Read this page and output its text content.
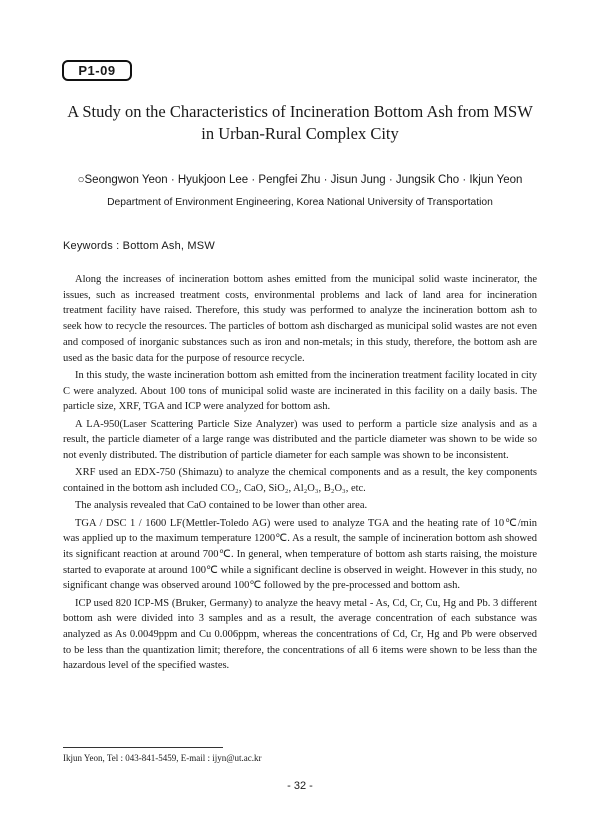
P1-09
A Study on the Characteristics of Incineration Bottom Ash from MSW in Urban-Rural Complex City
○Seongwon Yeon · Hyukjoon Lee · Pengfei Zhu · Jisun Jung · Jungsik Cho · Ikjun Yeon
Department of Environment Engineering, Korea National University of Transportation
Keywords : Bottom Ash, MSW

Along the increases of incineration bottom ashes emitted from the municipal solid waste incinerator, the issues, such as increased treatment costs, environmental problems and lack of land area for incineration treatment facility have raised. Therefore, this study was performed to analyze the incineration bottom ash to seek how to recycle the resources. The particles of bottom ash discharged as municipal solid wastes are not even and composed of inorganic substances such as iron and non-metals; in this study, therefore, the bottom ash are used as the basic data for the purpose of resource recycle.

In this study, the waste incineration bottom ash emitted from the incineration treatment facility located in city C were analyzed. About 100 tons of municipal solid waste are incinerated in this facility on a daily basis. The particle size, XRF, TGA and ICP were analyzed for bottom ash.

A LA-950(Laser Scattering Particle Size Analyzer) was used to perform a particle size analysis and as a result, the particle diameter of a large range was distributed and the particle diameter was shown to be wide so not evenly distributed. The distribution of particle diameter for each sample was shown to be inconsistent.

XRF used an EDX-750 (Shimazu) to analyze the chemical components and as a result, the key components contained in the bottom ash included CO₂, CaO, SiO₂, Al₂O₃, B₂O₃, etc.

The analysis revealed that CaO contained to be lower than other area.

TGA / DSC 1 / 1600 LF(Mettler-Toledo AG) were used to analyze TGA and the heating rate of 10℃/min was applied up to the maximum temperature 1200℃. As a result, the sample of incineration bottom ash showed its significant reaction at around 700℃. In general, when temperature of bottom ash starts raising, the moisture started to evaporate at around 100℃ while a significant decline is observed in weight. However in this study, no significant change was observed around 100℃ followed by the pre-processed and bottom ash.

ICP used 820 ICP-MS (Bruker, Germany) to analyze the heavy metal - As, Cd, Cr, Cu, Hg and Pb. 3 different bottom ash were divided into 3 samples and as a result, the average concentration of each substance was analyzed as As 0.0049ppm and Cu 0.006ppm, whereas the concentrations of Cd, Cr, Hg and Pb were observed to be less than the quantization limit; therefore, the concentrations of all 6 items were shown to be less than the hazardous level of the specified wastes.

Ikjun Yeon, Tel : 043-841-5459, E-mail : ijyn@ut.ac.kr
- 32 -
